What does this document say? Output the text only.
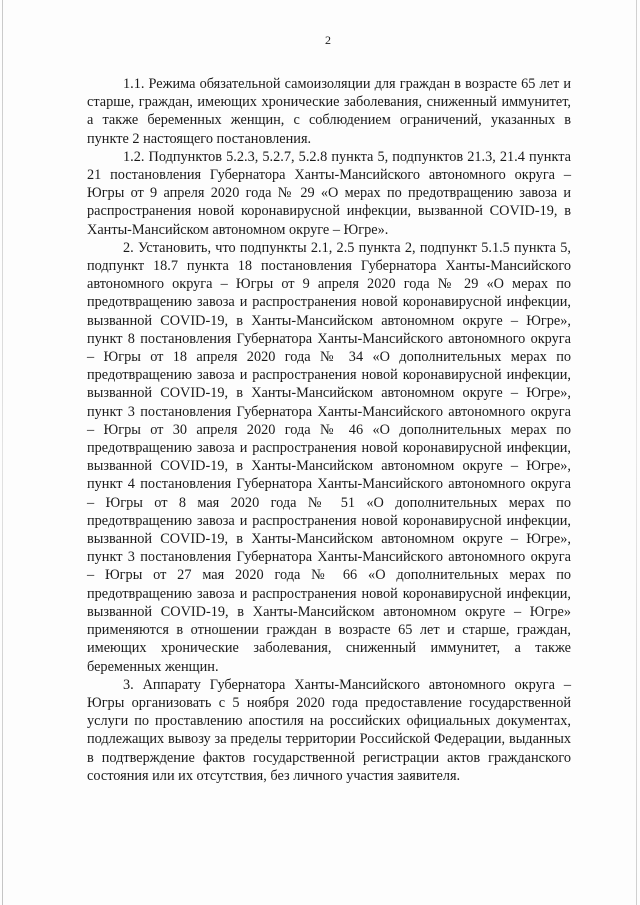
2

1.1. Режима обязательной самоизоляции для граждан в возрасте 65 лет и старше, граждан, имеющих хронические заболевания, сниженный иммунитет, а также беременных женщин, с соблюдением ограничений, указанных в пункте 2 настоящего постановления.

1.2. Подпунктов 5.2.3, 5.2.7, 5.2.8 пункта 5, подпунктов 21.3, 21.4 пункта 21 постановления Губернатора Ханты-Мансийского автономного округа – Югры от 9 апреля 2020 года № 29 «О мерах по предотвращению завоза и распространения новой коронавирусной инфекции, вызванной COVID-19, в Ханты-Мансийском автономном округе – Югре».

2. Установить, что подпункты 2.1, 2.5 пункта 2, подпункт 5.1.5 пункта 5, подпункт 18.7 пункта 18 постановления Губернатора Ханты-Мансийского автономного округа – Югры от 9 апреля 2020 года № 29 «О мерах по предотвращению завоза и распространения новой коронавирусной инфекции, вызванной COVID-19, в Ханты-Мансийском автономном округе – Югре», пункт 8 постановления Губернатора Ханты-Мансийского автономного округа – Югры от 18 апреля 2020 года № 34 «О дополнительных мерах по предотвращению завоза и распространения новой коронавирусной инфекции, вызванной COVID-19, в Ханты-Мансийском автономном округе – Югре», пункт 3 постановления Губернатора Ханты-Мансийского автономного округа – Югры от 30 апреля 2020 года № 46 «О дополнительных мерах по предотвращению завоза и распространения новой коронавирусной инфекции, вызванной COVID-19, в Ханты-Мансийском автономном округе – Югре», пункт 4 постановления Губернатора Ханты-Мансийского автономного округа – Югры от 8 мая 2020 года № 51 «О дополнительных мерах по предотвращению завоза и распространения новой коронавирусной инфекции, вызванной COVID-19, в Ханты-Мансийском автономном округе – Югре», пункт 3 постановления Губернатора Ханты-Мансийского автономного округа – Югры от 27 мая 2020 года № 66 «О дополнительных мерах по предотвращению завоза и распространения новой коронавирусной инфекции, вызванной COVID-19, в Ханты-Мансийском автономном округе – Югре» применяются в отношении граждан в возрасте 65 лет и старше, граждан, имеющих хронические заболевания, сниженный иммунитет, а также беременных женщин.

3. Аппарату Губернатора Ханты-Мансийского автономного округа – Югры организовать с 5 ноября 2020 года предоставление государственной услуги по проставлению апостиля на российских официальных документах, подлежащих вывозу за пределы территории Российской Федерации, выданных в подтверждение фактов государственной регистрации актов гражданского состояния или их отсутствия, без личного участия заявителя.
